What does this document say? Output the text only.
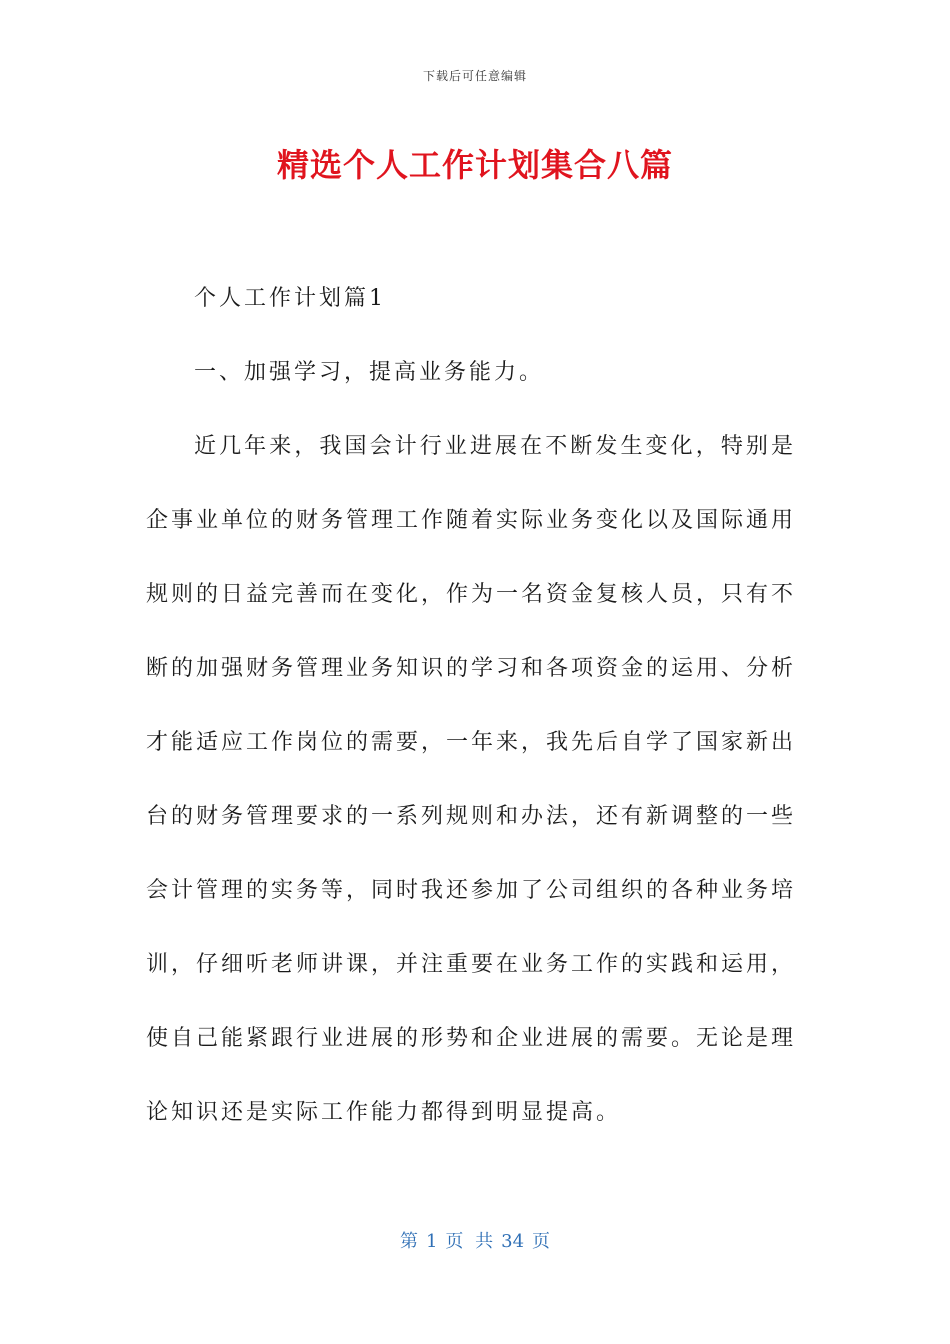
下载后可任意编辑
精选个人工作计划集合八篇

个人工作计划篇1

一、加强学习，提高业务能力。

近几年来，我国会计行业进展在不断发生变化，特别是企事业单位的财务管理工作随着实际业务变化以及国际通用规则的日益完善而在变化，作为一名资金复核人员，只有不断的加强财务管理业务知识的学习和各项资金的运用、分析才能适应工作岗位的需要，一年来，我先后自学了国家新出台的财务管理要求的一系列规则和办法，还有新调整的一些会计管理的实务等，同时我还参加了公司组织的各种业务培训，仔细听老师讲课，并注重要在业务工作的实践和运用，使自己能紧跟行业进展的形势和企业进展的需要。无论是理论知识还是实际工作能力都得到明显提高。

第 1 页 共 34 页
